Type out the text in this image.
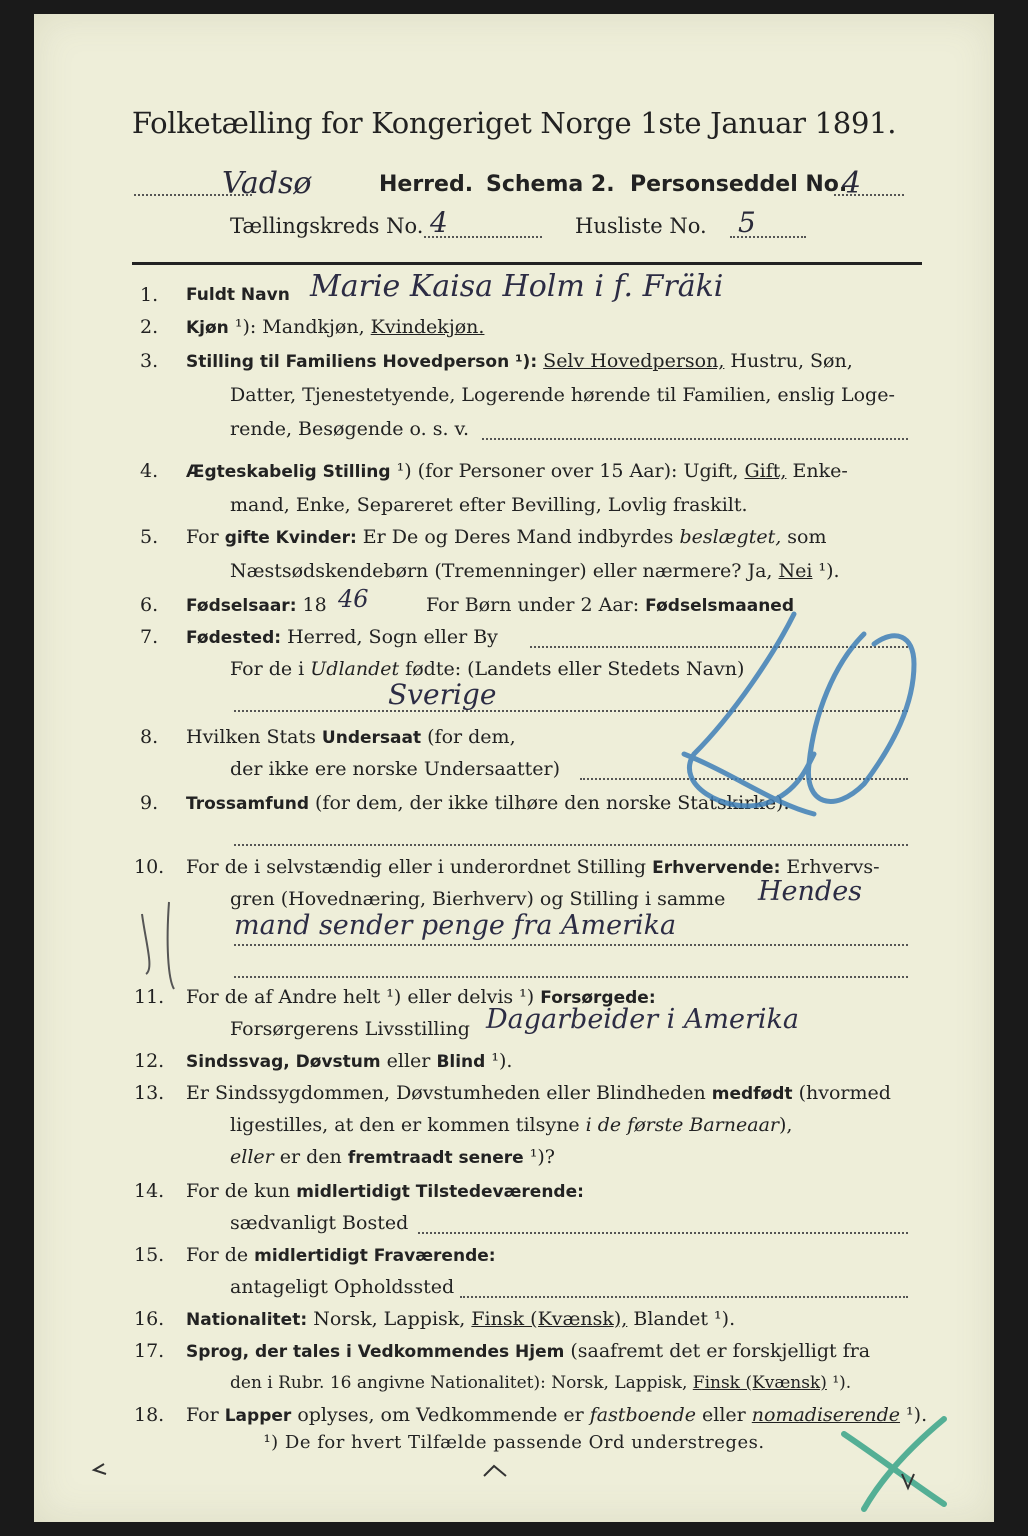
Folketælling for Kongeriget Norge 1ste Januar 1891.
Vadsø	Herred. Schema 2. Personseddel No.
4
Tællingskreds No. 4	Husliste No. 5
1.	Fuldt Navn Marie Kaisa Holm i f. Fräki
2.	Kjøn ¹): Mandkjøn, Kvindekjøn.
3.	Stilling til Familiens Hovedperson ¹): Selv Hovedperson, Hustru, Søn,
Datter, Tjenestetyende, Logerende hørende til Familien, enslig Loge-
rende, Besøgende o. s. v.
4.	Ægteskabelig Stilling ¹) (for Personer over 15 Aar): Ugift, Gift, Enke-
mand, Enke, Separeret efter Bevilling, Lovlig fraskilt.
5.	For gifte Kvinder: Er De og Deres Mand indbyrdes beslægtet, som
Næstsødskendebørn (Tremenninger) eller nærmere? Ja, Nei ¹).
6.	Fødselsaar: 18 46	For Børn under 2 Aar: Fødselsmaaned
7.	Fødested: Herred, Sogn eller By
For de i Udlandet fødte: (Landets eller Stedets Navn)
Sverige
8.	Hvilken Stats Undersaat (for dem,
der ikke ere norske Undersaatter)
9.	Trossamfund (for dem, der ikke tilhøre den norske Statskirke).
10.	For de i selvstændig eller i underordnet Stilling Erhvervende: Erhvervs-
gren (Hovednæring, Bierhverv) og Stilling i samme	Hendes
mand sender penge fra Amerika
11.	For de af Andre helt ¹) eller delvis ¹) Forsørgede:
Forsørgerens Livsstilling Dagarbeider i Amerika
12.	Sindssvag, Døvstum eller Blind ¹).
13.	Er Sindssygdommen, Døvstumheden eller Blindheden medfødt (hvormed
ligestilles, at den er kommen tilsyne i de første Barneaar),
eller er den fremtraadt senere ¹)?
14.	For de kun midlertidigt Tilstedeværende:
sædvanligt Bosted
15.	For de midlertidigt Fraværende:
antageligt Opholdssted
16.	Nationalitet: Norsk, Lappisk, Finsk (Kvænsk), Blandet ¹).
17.	Sprog, der tales i Vedkommendes Hjem (saafremt det er forskjelligt fra
den i Rubr. 16 angivne Nationalitet): Norsk, Lappisk, Finsk (Kvænsk) ¹).
18.	For Lapper oplyses, om Vedkommende er fastboende eller nomadiserende ¹).
¹) De for hvert Tilfælde passende Ord understreges.
